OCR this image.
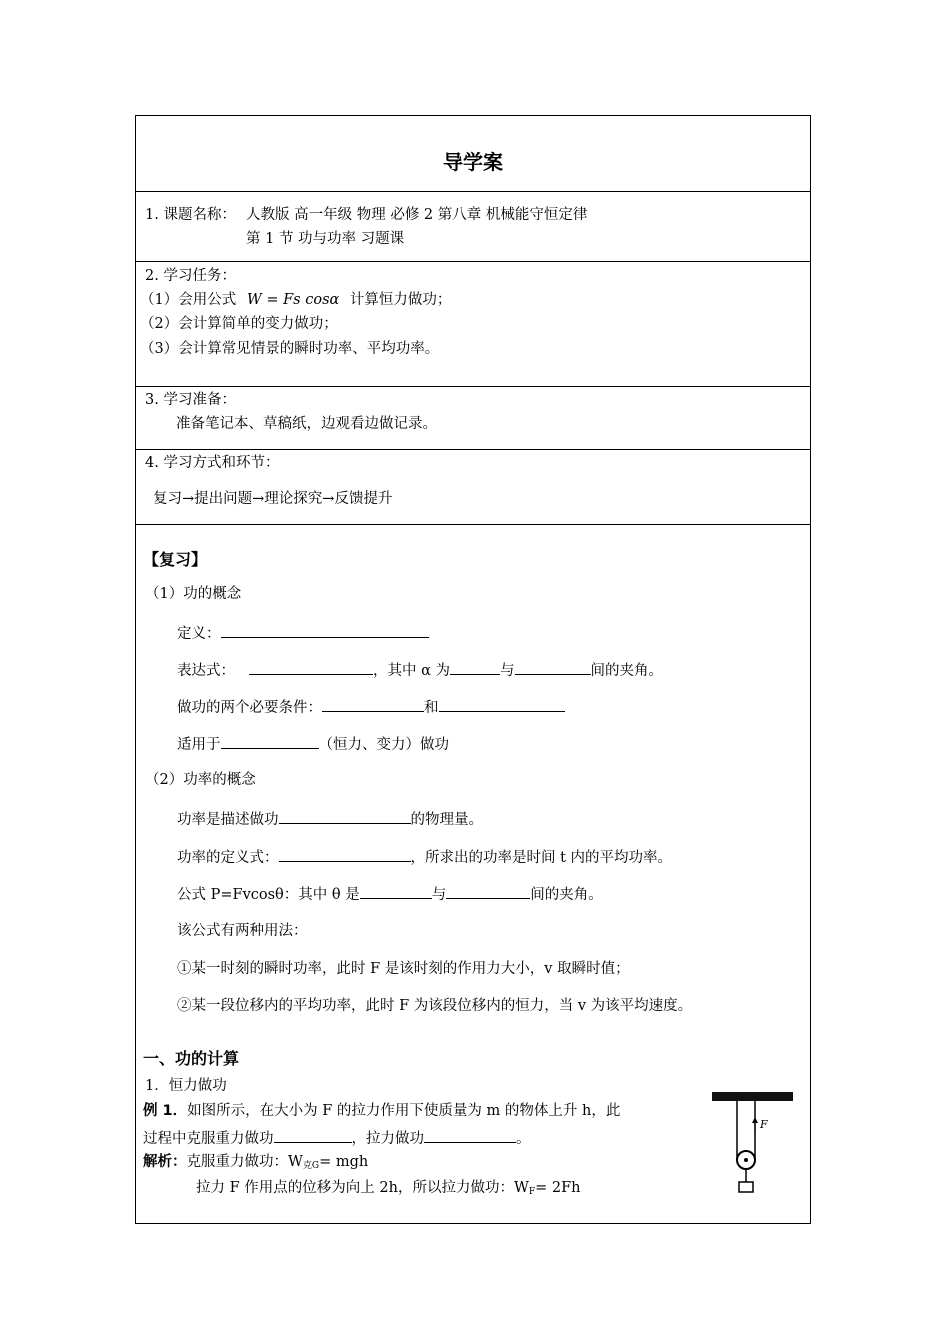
导学案
1. 课题名称： 人教版 高一年级 物理 必修 2 第八章 机械能守恒定律
第 1 节 功与功率 习题课
2. 学习任务：
（1）会用公式 W = Fs cosα 计算恒力做功；
（2）会计算简单的变力做功；
（3）会计算常见情景的瞬时功率、平均功率。
3. 学习准备：
准备笔记本、草稿纸，边观看边做记录。
4. 学习方式和环节：
复习→提出问题→理论探究→反馈提升
【复习】
（1）功的概念
定义：
表达式：	，其中 α 为	与	间的夹角。
做功的两个必要条件：	和
适用于	（恒力、变力）做功
（2）功率的概念
功率是描述做功	的物理量。
功率的定义式：	，所求出的功率是时间 t 内的平均功率。
公式 P=Fvcosθ：其中 θ 是	与	间的夹角。
该公式有两种用法：
①某一时刻的瞬时功率，此时 F 是该时刻的作用力大小，v 取瞬时值；
②某一段位移内的平均功率，此时 F 为该段位移内的恒力，当 v 为该平均速度。
一、功的计算
1．恒力做功
例 1．如图所示，在大小为 F 的拉力作用下使质量为 m 的物体上升 h，此
过程中克服重力做功	，拉力做功	。
解析：克服重力做功：$W_{克G}=$ mgh
拉力 F 作用点的位移为向上 2h，所以拉力做功：$W_F= 2Fh$
F
